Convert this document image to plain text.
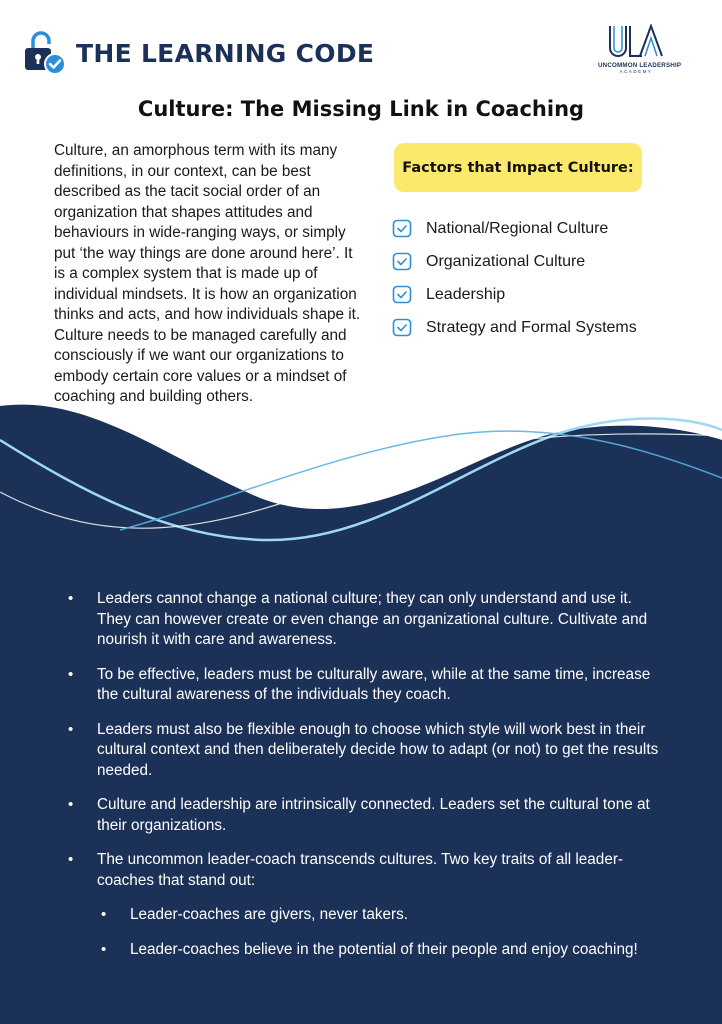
THE LEARNING CODE	UNCOMMON LEADERSHIP
ACADEMY
Culture: The Missing Link in Coaching

Culture, an amorphous term with its many definitions, in our context, can be best described as the tacit social order of an organization that shapes attitudes and behaviours in wide-ranging ways, or simply put ‘the way things are done around here’. It is a complex system that is made up of individual mindsets. It is how an organization thinks and acts, and how individuals shape it. Culture needs to be managed carefully and consciously if we want our organizations to embody certain core values or a mindset of coaching and building others.

Factors that Impact Culture:
National/Regional Culture
Organizational Culture
Leadership
Strategy and Formal Systems
• Leaders cannot change a national culture; they can only understand and use it. They can however create or even change an organizational culture. Cultivate and nourish it with care and awareness.
• To be effective, leaders must be culturally aware, while at the same time, increase the cultural awareness of the individuals they coach.
• Leaders must also be flexible enough to choose which style will work best in their cultural context and then deliberately decide how to adapt (or not) to get the results needed.
• Culture and leadership are intrinsically connected. Leaders set the cultural tone at their organizations.
• The uncommon leader-coach transcends cultures. Two key traits of all leader-coaches that stand out:
• Leader-coaches are givers, never takers.
• Leader-coaches believe in the potential of their people and enjoy coaching!
